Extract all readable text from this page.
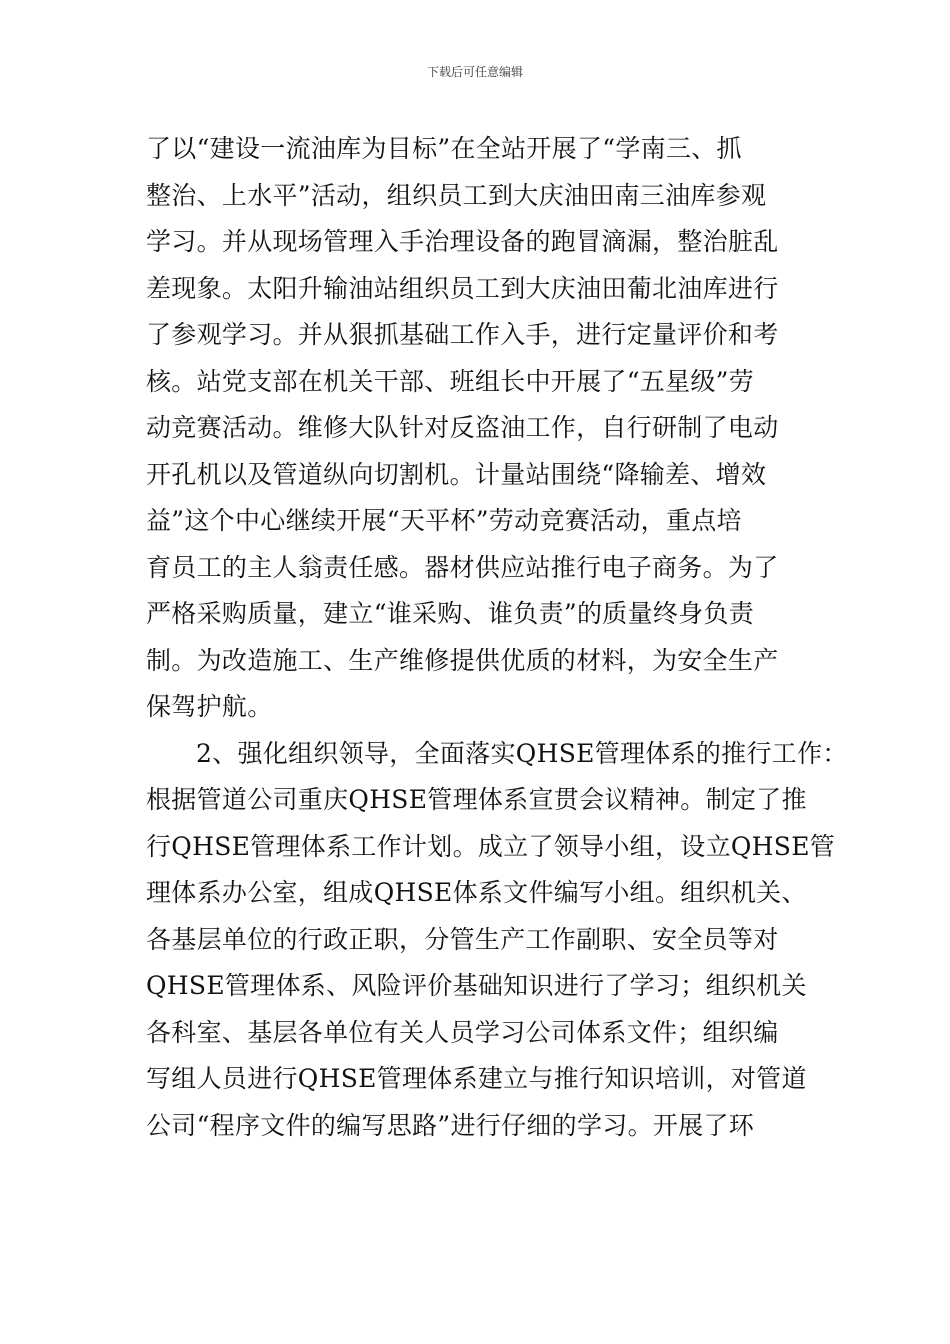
下载后可任意编辑
了以“建设一流油库为目标”在全站开展了“学南三、抓
整治、上水平”活动，组织员工到大庆油田南三油库参观
学习。并从现场管理入手治理设备的跑冒滴漏，整治脏乱
差现象。太阳升输油站组织员工到大庆油田葡北油库进行
了参观学习。并从狠抓基础工作入手，进行定量评价和考
核。站党支部在机关干部、班组长中开展了“五星级”劳
动竞赛活动。维修大队针对反盗油工作，自行研制了电动
开孔机以及管道纵向切割机。计量站围绕“降输差、增效
益”这个中心继续开展“天平杯”劳动竞赛活动，重点培
育员工的主人翁责任感。器材供应站推行电子商务。为了
严格采购质量，建立“谁采购、谁负责”的质量终身负责
制。为改造施工、生产维修提供优质的材料，为安全生产
保驾护航。
2、强化组织领导，全面落实QHSE管理体系的推行工作：
根据管道公司重庆QHSE管理体系宣贯会议精神。制定了推
行QHSE管理体系工作计划。成立了领导小组，设立QHSE管
理体系办公室，组成QHSE体系文件编写小组。组织机关、
各基层单位的行政正职，分管生产工作副职、安全员等对
QHSE管理体系、风险评价基础知识进行了学习；组织机关
各科室、基层各单位有关人员学习公司体系文件；组织编
写组人员进行QHSE管理体系建立与推行知识培训，对管道
公司“程序文件的编写思路”进行仔细的学习。开展了环
